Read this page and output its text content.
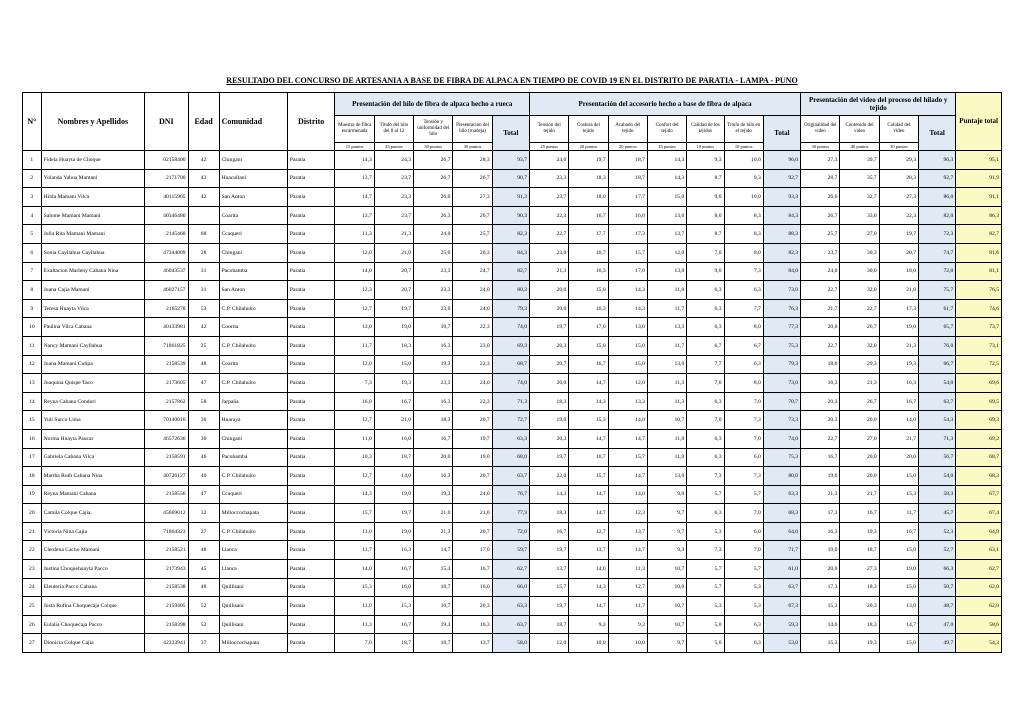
RESULTADO DEL CONCURSO DE ARTESANIA A BASE DE FIBRA DE ALPACA EN TIEMPO DE COVID 19 EN EL DISTRITO DE PARATIA - LAMPA - PUNO
N°	Nombres y Apellidos	DNI	Edad	Comunidad	Distrito	Presentación del hilo de fibra de alpaca hecho a rueca					Presentación del accesorio hecho a base de fibra de alpaca							Presentación del video del proceso del hilado y tejido				Puntaje total
						Muestra de fibra escarmenada	Título del hilo del 8 al 12	Tensión y uniformidad del hilo	Presentación del hilo (madeja)	Total	Tensión del tejido	Costura del tejido	Acabado del tejido	Confort del tejido	Calidad de los tejidos	Título de hilo en el tejido	Total	Originalidad del video	Contenido del video	Calidad del video	Total	
						15 puntos	25 puntos	30 puntos	30 puntos		25 puntos	20 puntos	20 puntos	15 puntos	10 puntos	10 puntos		30 puntos	40 puntos	30 puntos		
1	Fidela Huayta de Choque	02158400	42	Chingani	Paratia	14,3	24,3	26,7	28,3	93,7	24,0	19,7	18,7	14,3	9,3	10,0	96,0	27,3	39,7	29,3	96,3	95,1
2	Yolanda Yahua Mamani	2171700	43	Huacullani	Paratia	13,7	23,7	26,7	26,7	90,7	23,3	18,3	18,7	14,3	8,7	9,3	92,7	28,7	35,7	28,3	92,7	91,9
3	Hilda Mamani Vilca	40115905	42	San Anton	Paratia	14,7	23,3	26,0	27,3	91,3	23,7	18,0	17,7	15,0	9,0	10,0	93,3	26,0	32,7	27,3	86,0	91,1
4	Salome Mamani Mamani	40346480		Coarita	Paratia	13,7	23,7	26,3	26,7	90,3	22,3	16,7	16,0	13,0	8,0	8,3	84,3	26,7	33,0	22,3	82,0	86,3
5	Julia Rita Mamani Mamani	2145468	68	Ccaqueri	Paratia	11,3	21,3	24,0	25,7	82,3	22,7	17,7	17,3	13,7	8,7	8,3	88,3	25,7	27,0	19,7	72,3	82,7
6	Sonia Cayllahua Cayllahua	47344009	28	Chingani	Paratia	12,0	21,0	25,0	26,3	84,3	23,0	16,7	15,7	12,0	7,0	8,0	82,3	23,7	30,3	20,7	74,7	81,6
7	Exaltacion Marleny Cabana Nina	46043537	31	Pacobamba	Paratia	14,0	20,7	23,3	24,7	82,7	21,3	16,3	17,0	13,0	9,0	7,3	84,0	24,0	30,0	18,0	72,0	81,1
8	Juana Cajia Mamani	46027157	31	San Anton	Paratia	12,3	20,7	23,3	24,0	80,3	20,0	15,0	14,3	11,0	6,3	6,3	73,0	22,7	32,0	21,0	75,7	76,5
9	Teresa Huayta Vilca	2165278	53	C.P. Chilahuito	Paratia	12,7	19,7	23,0	24,0	79,3	20,0	16,3	14,3	11,7	6,3	7,7	76,3	21,7	22,7	17,3	61,7	74,6
10	Paulina Vilca Cabana	40133981	42	Coorita	Paratia	13,0	19,0	19,7	22,3	74,0	19,7	17,0	13,0	13,3	6,3	8,0	77,3	20,0	26,7	19,0	65,7	73,7
11	Nancy Mamani Cayllahua	71861825	25	C.P. Chilahuito	Paratia	11,7	18,3	16,3	23,0	69,3	20,3	15,0	15,0	11,7	6,7	6,7	75,3	22,7	32,0	21,3	76,0	73,1
12	Juana Mamani Cutipa	2158539	48	Coarita	Paratia	12,0	15,0	19,3	22,3	68,7	20,7	16,7	15,0	13,0	7,7	6,3	79,3	18,0	29,3	19,3	66,7	72,5
13	Joaquina Quispe Taco	2173605	47	C.P. Chilahuito	Paratia	7,3	19,3	23,3	24,0	74,0	20,0	14,7	12,0	11,3	7,0	8,0	73,0	16,3	21,3	16,3	54,0	69,6
14	Reyna Cabana Condori	2157862	58	Jarpaña	Paratia	16,0	16,7	16,3	22,3	71,3	18,3	14,3	13,3	11,3	6,3	7,0	70,7	20,3	26,7	16,7	63,7	69,5
15	Yuli Surco Lima	70140016	30	Huaraya	Paratia	12,7	21,0	18,3	20,7	72,7	19,0	15,3	14,0	10,7	7,0	7,3	73,3	20,3	20,0	14,0	54,3	69,3
16	Norma Huayta Paucar	46572636	30	Chingani	Paratia	11,0	16,0	16,7	19,7	63,3	20,3	14,7	14,7	11,0	6,3	7,0	74,0	22,7	27,0	21,7	71,3	69,2
17	Gabriela Cabana Vilca	2158591	46	Pacobamba	Paratia	10,3	18,7	20,0	19,0	68,0	19,7	16,7	15,7	11,0	6,3	6,0	75,3	16,7	20,0	20,0	56,7	68,7
18	Martha Ruth Cabana Nina	40726127	40	C.P. Chilahuito	Paratia	12,7	14,0	16,3	20,7	63,7	22,0	15,7	14,7	13,0	7,3	7,3	80,0	19,0	20,0	15,0	54,0	68,3
19	Reyna Mamani Cabana	2158556	47	Ccaqueri	Paratia	14,3	19,0	19,3	24,0	76,7	14,3	14,7	14,0	9,0	5,7	5,7	63,3	21,3	21,7	15,3	58,3	67,7
20	Camila Colque Cajia.	45669012	32	Milloccochapata	Paratia	15,7	19,7	21,0	21,0	77,3	18,3	14,7	12,3	9,7	6,3	7,0	68,3	17,3	16,7	11,7	45,7	67,4
21	Victoria Nina Cajia	71864323	27	C.P. Chilahuito	Paratia	11,0	19,0	21,3	20,7	72,0	16,7	12,7	13,7	9,7	5,3	6,0	64,0	16,3	19,3	16,7	52,3	64,9
22	Cleofena Cacho Mamani	2158521	48	Llanca	Paratia	11,7	16,3	14,7	17,0	59,7	19,7	13,7	14,7	9,3	7,3	7,0	71,7	19,0	18,7	15,0	52,7	63,1
23	Justina Choquehuayta Pacco	2173943	45	Llanca	Paratia	14,0	16,7	15,3	16,7	62,7	13,7	14,0	11,3	10,7	5,7	5,7	61,0	20,0	27,3	19,0	66,3	62,7
24	Eleuteria Pacco Cabana	2158538	48	Quillisani	Paratia	15,3	16,0	18,7	16,0	66,0	15,7	14,3	12,7	10,0	5,7	5,3	63,7	17,3	18,3	15,0	50,7	62,0
25	Justa Rufina Choquecaja Colque	2159405	52	Quillisani	Paratia	11,0	15,3	16,7	20,3	63,3	19,7	14,7	11,7	10,7	5,3	5,3	67,3	15,3	20,3	13,0	48,7	62,0
26	Eulalia Choquecaja Pacco	2158398	52	Quillisani	Paratia	11,3	16,7	19,3	16,3	63,7	18,7	9,3	9,3	10,7	5,0	6,3	59,3	14,0	18,3	14,7	47,0	58,6
27	Dionicia Colque Cajia	42333941	37	Milloccochapata	Paratia	7,0	18,7	18,7	13,7	58,0	12,0	10,0	10,0	9,7	5,0	6,3	53,0	15,3	19,3	15,0	49,7	54,3
